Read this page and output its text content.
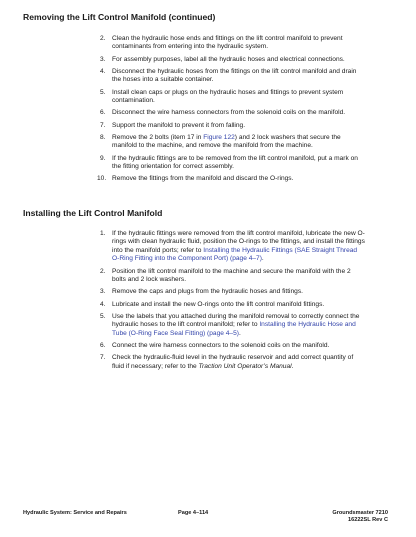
Removing the Lift Control Manifold (continued)
2. Clean the hydraulic hose ends and fittings on the lift control manifold to prevent contaminants from entering into the hydraulic system.
3. For assembly purposes, label all the hydraulic hoses and electrical connections.
4. Disconnect the hydraulic hoses from the fittings on the lift control manifold and drain the hoses into a suitable container.
5. Install clean caps or plugs on the hydraulic hoses and fittings to prevent system contamination.
6. Disconnect the wire harness connectors from the solenoid coils on the manifold.
7. Support the manifold to prevent it from falling.
8. Remove the 2 bolts (item 17 in Figure 122) and 2 lock washers that secure the manifold to the machine, and remove the manifold from the machine.
9. If the hydraulic fittings are to be removed from the lift control manifold, put a mark on the fitting orientation for correct assembly.
10. Remove the fittings from the manifold and discard the O-rings.
Installing the Lift Control Manifold
1. If the hydraulic fittings were removed from the lift control manifold, lubricate the new O-rings with clean hydraulic fluid, position the O-rings to the fittings, and install the fittings into the manifold ports; refer to Installing the Hydraulic Fittings (SAE Straight Thread O-Ring Fitting into the Component Port) (page 4–7).
2. Position the lift control manifold to the machine and secure the manifold with the 2 bolts and 2 lock washers.
3. Remove the caps and plugs from the hydraulic hoses and fittings.
4. Lubricate and install the new O-rings onto the lift control manifold fittings.
5. Use the labels that you attached during the manifold removal to correctly connect the hydraulic hoses to the lift control manifold; refer to Installing the Hydraulic Hose and Tube (O-Ring Face Seal Fitting) (page 4–5).
6. Connect the wire harness connectors to the solenoid coils on the manifold.
7. Check the hydraulic-fluid level in the hydraulic reservoir and add correct quantity of fluid if necessary; refer to the Traction Unit Operator’s Manual.
Hydraulic System: Service and Repairs	Page 4–114	Groundsmaster 7210
16222SL Rev C
